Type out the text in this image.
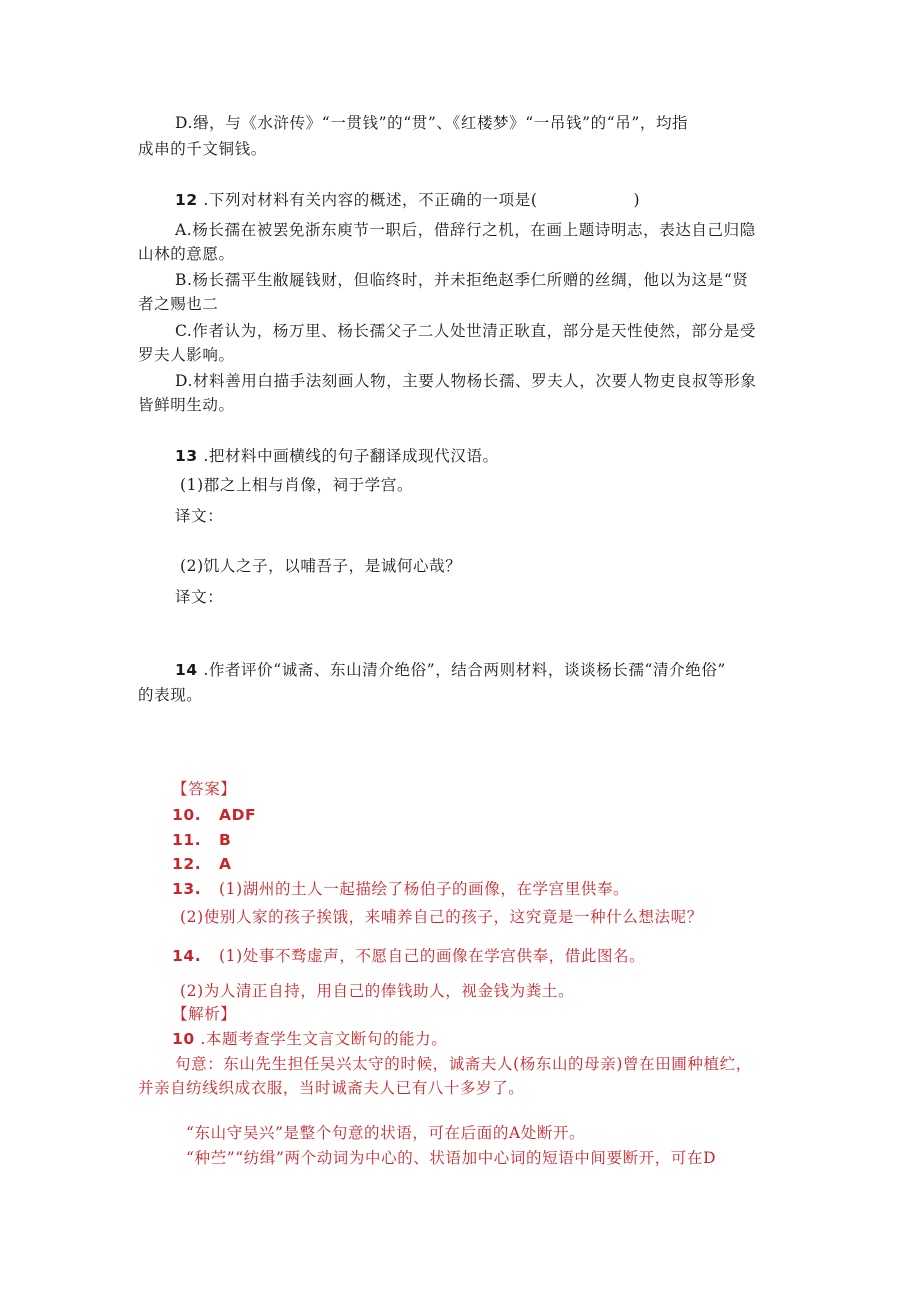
D.缗，与《水浒传》“一贯钱”的“贯”、《红楼梦》“一吊钱”的“吊”，均指
成串的千文铜钱。
12 .下列对材料有关内容的概述，不正确的一项是(	)
A.杨长孺在被罢免浙东庾节一职后，借辞行之机，在画上题诗明志，表达自己归隐
山林的意愿。
B.杨长孺平生敝屣钱财，但临终时，并未拒绝赵季仁所赠的丝绸，他以为这是“贤
者之赐也二
C.作者认为，杨万里、杨长孺父子二人处世清正耿直，部分是天性使然，部分是受
罗夫人影响。
D.材料善用白描手法刻画人物，主要人物杨长孺、罗夫人，次要人物吏良叔等形象
皆鲜明生动。
13 .把材料中画横线的句子翻译成现代汉语。
(1)郡之上相与肖像，祠于学宫。
译文：
(2)饥人之子，以哺吾子，是诚何心哉？
译文：
14 .作者评价“诚斋、东山清介绝俗”，结合两则材料，谈谈杨长孺“清介绝俗”
的表现。
【答案】
10. ADF
11. B
12. A
13. (1)湖州的土人一起描绘了杨伯子的画像，在学宫里供奉。
(2)使别人家的孩子挨饿，来哺养自己的孩子，这究竟是一种什么想法呢？
14. (1)处事不骛虚声，不愿自己的画像在学宫供奉，借此图名。
(2)为人清正自持，用自己的俸钱助人，视金钱为粪土。
【解析】
10 .本题考查学生文言文断句的能力。
句意：东山先生担任吴兴太守的时候，诚斋夫人(杨东山的母亲)曾在田圃种植纻，
并亲自纺线织成衣服，当时诚斋夫人已有八十多岁了。
“东山守吴兴”是整个句意的状语，可在后面的A处断开。
“种苎”“纺缉”两个动词为中心的、状语加中心词的短语中间要断开，可在D
